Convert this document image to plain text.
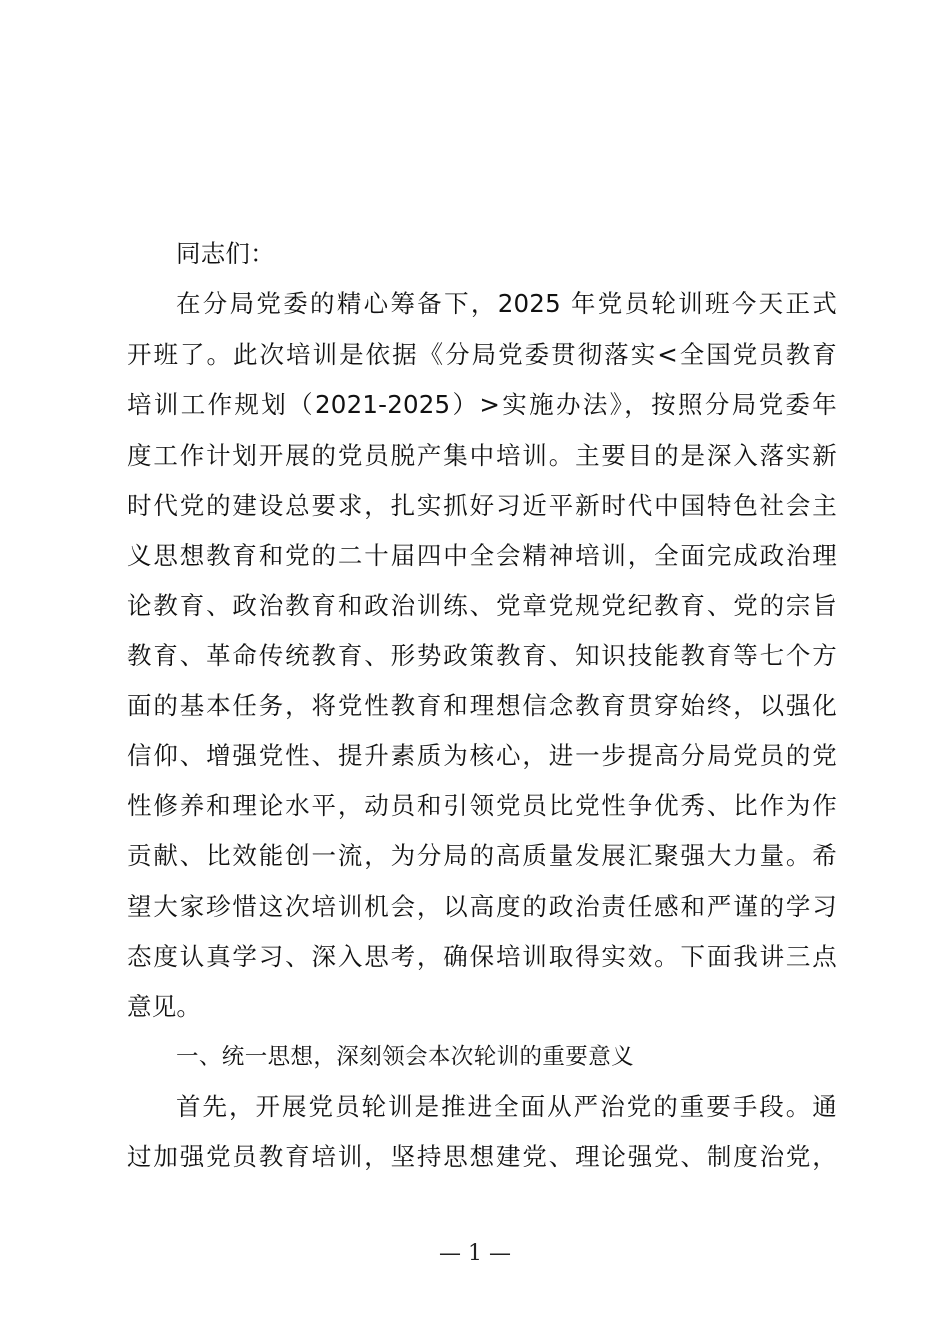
同志们：
在分局党委的精心筹备下，2025 年党员轮训班今天正式
开班了。此次培训是依据《分局党委贯彻落实<全国党员教育
培训工作规划（2021-2025）>实施办法》，按照分局党委年
度工作计划开展的党员脱产集中培训。主要目的是深入落实新
时代党的建设总要求，扎实抓好习近平新时代中国特色社会主
义思想教育和党的二十届四中全会精神培训，全面完成政治理
论教育、政治教育和政治训练、党章党规党纪教育、党的宗旨
教育、革命传统教育、形势政策教育、知识技能教育等七个方
面的基本任务，将党性教育和理想信念教育贯穿始终，以强化
信仰、增强党性、提升素质为核心，进一步提高分局党员的党
性修养和理论水平，动员和引领党员比党性争优秀、比作为作
贡献、比效能创一流，为分局的高质量发展汇聚强大力量。希
望大家珍惜这次培训机会，以高度的政治责任感和严谨的学习
态度认真学习、深入思考，确保培训取得实效。下面我讲三点
意见。
一、统一思想，深刻领会本次轮训的重要意义
首先，开展党员轮训是推进全面从严治党的重要手段。通
过加强党员教育培训，坚持思想建党、理论强党、制度治党，
— 1 —
